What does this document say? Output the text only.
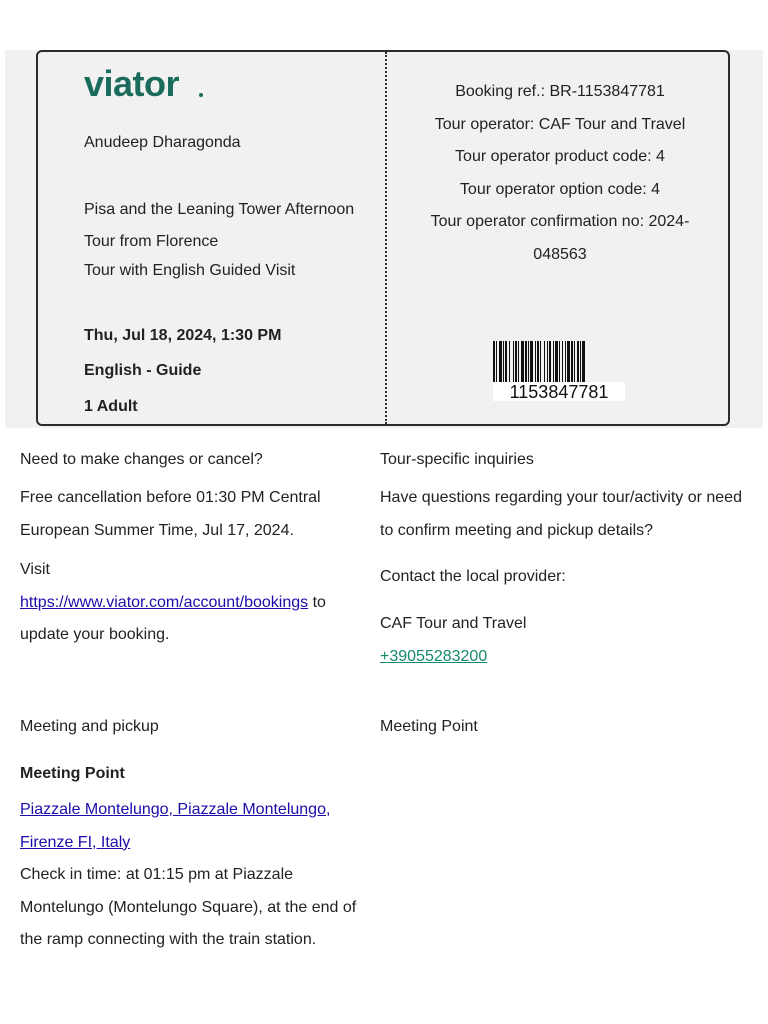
viator
Anudeep Dharagonda
Pisa and the Leaning Tower Afternoon Tour from Florence
Tour with English Guided Visit
Thu, Jul 18, 2024, 1:30 PM
English - Guide
1 Adult
Booking ref.: BR-1153847781
Tour operator: CAF Tour and Travel
Tour operator product code: 4
Tour operator option code: 4
Tour operator confirmation no: 2024-048563
1153847781
Need to make changes or cancel?
Free cancellation before 01:30 PM Central European Summer Time, Jul 17, 2024.
Visit
https://www.viator.com/account/bookings to update your booking.
Tour-specific inquiries
Have questions regarding your tour/activity or need to confirm meeting and pickup details?
Contact the local provider:
CAF Tour and Travel
+39055283200
Meeting and pickup
Meeting Point
Piazzale Montelungo, Piazzale Montelungo, Firenze FI, Italy
Check in time: at 01:15 pm at Piazzale Montelungo (Montelungo Square), at the end of the ramp connecting with the train station.
Meeting Point
